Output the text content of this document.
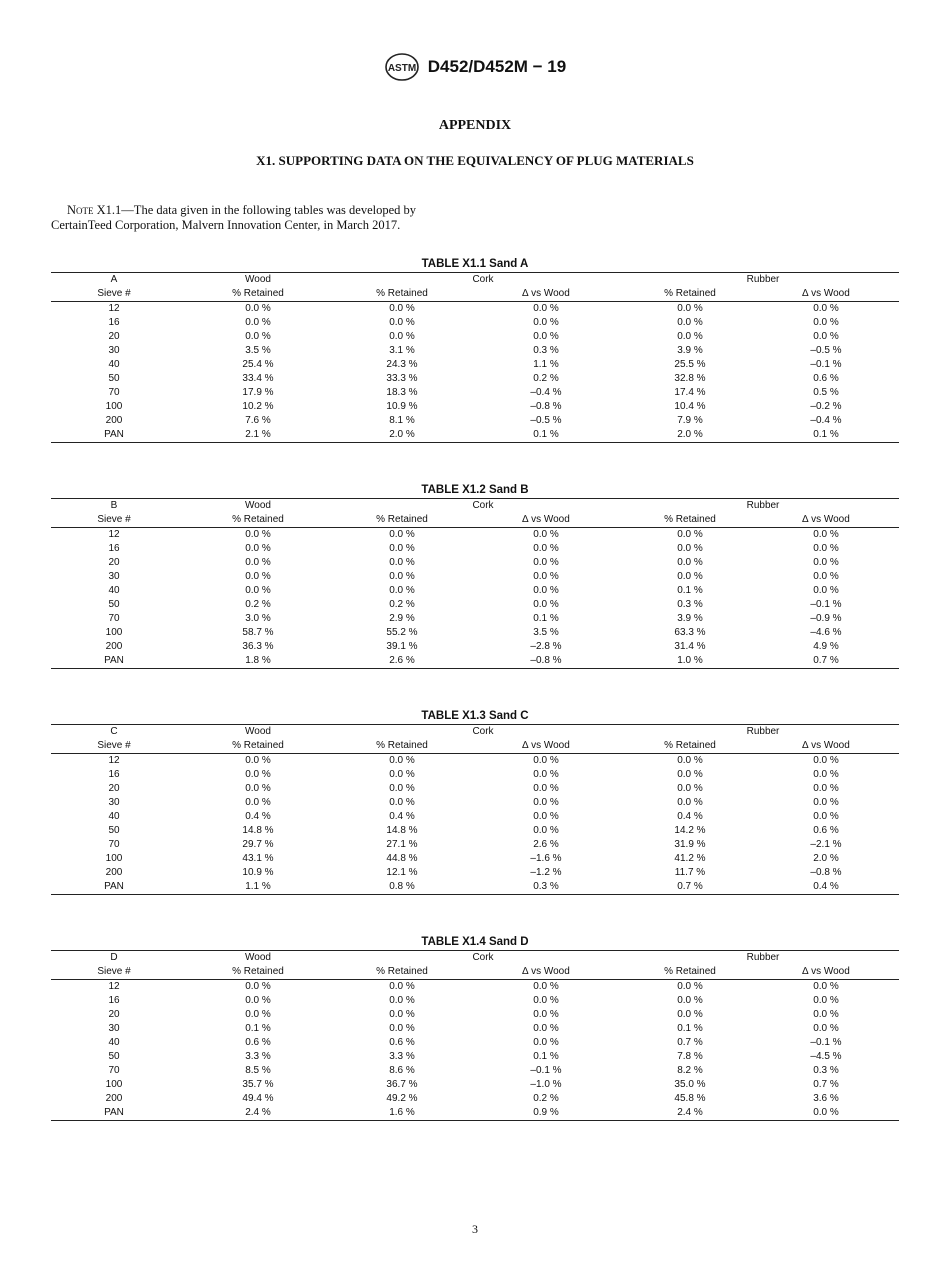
ASTM D452/D452M − 19
APPENDIX
X1. SUPPORTING DATA ON THE EQUIVALENCY OF PLUG MATERIALS
Note X1.1—The data given in the following tables was developed by
CertainTeed Corporation, Malvern Innovation Center, in March 2017.
TABLE X1.1 Sand A
A	Wood	Cork		Rubber	
Sieve #	% Retained	% Retained	∆ vs Wood	% Retained	∆ vs Wood
12	0.0 %	0.0 %	0.0 %	0.0 %	0.0 %
16	0.0 %	0.0 %	0.0 %	0.0 %	0.0 %
20	0.0 %	0.0 %	0.0 %	0.0 %	0.0 %
30	3.5 %	3.1 %	0.3 %	3.9 %	–0.5 %
40	25.4 %	24.3 %	1.1 %	25.5 %	–0.1 %
50	33.4 %	33.3 %	0.2 %	32.8 %	0.6 %
70	17.9 %	18.3 %	–0.4 %	17.4 %	0.5 %
100	10.2 %	10.9 %	–0.8 %	10.4 %	–0.2 %
200	7.6 %	8.1 %	–0.5 %	7.9 %	–0.4 %
PAN	2.1 %	2.0 %	0.1 %	2.0 %	0.1 %
TABLE X1.2 Sand B
B	Wood	Cork		Rubber	
Sieve #	% Retained	% Retained	∆ vs Wood	% Retained	∆ vs Wood
12	0.0 %	0.0 %	0.0 %	0.0 %	0.0 %
16	0.0 %	0.0 %	0.0 %	0.0 %	0.0 %
20	0.0 %	0.0 %	0.0 %	0.0 %	0.0 %
30	0.0 %	0.0 %	0.0 %	0.0 %	0.0 %
40	0.0 %	0.0 %	0.0 %	0.1 %	0.0 %
50	0.2 %	0.2 %	0.0 %	0.3 %	–0.1 %
70	3.0 %	2.9 %	0.1 %	3.9 %	–0.9 %
100	58.7 %	55.2 %	3.5 %	63.3 %	–4.6 %
200	36.3 %	39.1 %	–2.8 %	31.4 %	4.9 %
PAN	1.8 %	2.6 %	–0.8 %	1.0 %	0.7 %
TABLE X1.3 Sand C
C	Wood	Cork		Rubber	
Sieve #	% Retained	% Retained	∆ vs Wood	% Retained	∆ vs Wood
12	0.0 %	0.0 %	0.0 %	0.0 %	0.0 %
16	0.0 %	0.0 %	0.0 %	0.0 %	0.0 %
20	0.0 %	0.0 %	0.0 %	0.0 %	0.0 %
30	0.0 %	0.0 %	0.0 %	0.0 %	0.0 %
40	0.4 %	0.4 %	0.0 %	0.4 %	0.0 %
50	14.8 %	14.8 %	0.0 %	14.2 %	0.6 %
70	29.7 %	27.1 %	2.6 %	31.9 %	–2.1 %
100	43.1 %	44.8 %	–1.6 %	41.2 %	2.0 %
200	10.9 %	12.1 %	–1.2 %	11.7 %	–0.8 %
PAN	1.1 %	0.8 %	0.3 %	0.7 %	0.4 %
TABLE X1.4 Sand D
D	Wood	Cork		Rubber	
Sieve #	% Retained	% Retained	∆ vs Wood	% Retained	∆ vs Wood
12	0.0 %	0.0 %	0.0 %	0.0 %	0.0 %
16	0.0 %	0.0 %	0.0 %	0.0 %	0.0 %
20	0.0 %	0.0 %	0.0 %	0.0 %	0.0 %
30	0.1 %	0.0 %	0.0 %	0.1 %	0.0 %
40	0.6 %	0.6 %	0.0 %	0.7 %	–0.1 %
50	3.3 %	3.3 %	0.1 %	7.8 %	–4.5 %
70	8.5 %	8.6 %	–0.1 %	8.2 %	0.3 %
100	35.7 %	36.7 %	–1.0 %	35.0 %	0.7 %
200	49.4 %	49.2 %	0.2 %	45.8 %	3.6 %
PAN	2.4 %	1.6 %	0.9 %	2.4 %	0.0 %
3
